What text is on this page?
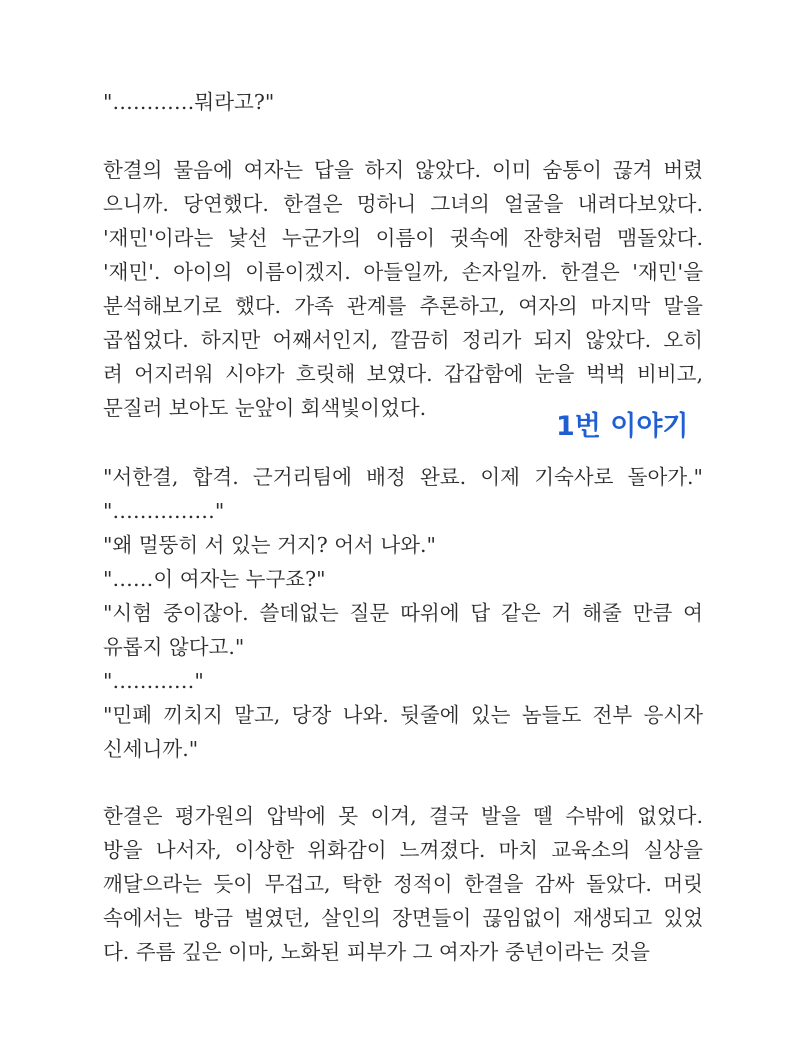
"…………뭐라고?"
한결의 물음에 여자는 답을 하지 않았다. 이미 숨통이 끊겨 버렸
으니까. 당연했다. 한결은 멍하니 그녀의 얼굴을 내려다보았다.
'재민'이라는 낯선 누군가의 이름이 귓속에 잔향처럼 맴돌았다.
'재민'. 아이의 이름이겠지. 아들일까, 손자일까. 한결은 '재민'을
분석해보기로 했다. 가족 관계를 추론하고, 여자의 마지막 말을
곱씹었다. 하지만 어째서인지, 깔끔히 정리가 되지 않았다. 오히
려 어지러워 시야가 흐릿해 보였다. 갑갑함에 눈을 벅벅 비비고,
문질러 보아도 눈앞이 회색빛이었다.
1번 이야기
"서한결, 합격. 근거리팀에 배정 완료. 이제 기숙사로 돌아가."
"……………"
"왜 멀뚱히 서 있는 거지? 어서 나와."
"……이 여자는 누구죠?"
"시험 중이잖아. 쓸데없는 질문 따위에 답 같은 거 해줄 만큼 여
유롭지 않다고."
"…………"
"민폐 끼치지 말고, 당장 나와. 뒷줄에 있는 놈들도 전부 응시자
신세니까."
한결은 평가원의 압박에 못 이겨, 결국 발을 뗄 수밖에 없었다.
방을 나서자, 이상한 위화감이 느껴졌다. 마치 교육소의 실상을
깨달으라는 듯이 무겁고, 탁한 정적이 한결을 감싸 돌았다. 머릿
속에서는 방금 벌였던, 살인의 장면들이 끊임없이 재생되고 있었
다. 주름 깊은 이마, 노화된 피부가 그 여자가 중년이라는 것을
